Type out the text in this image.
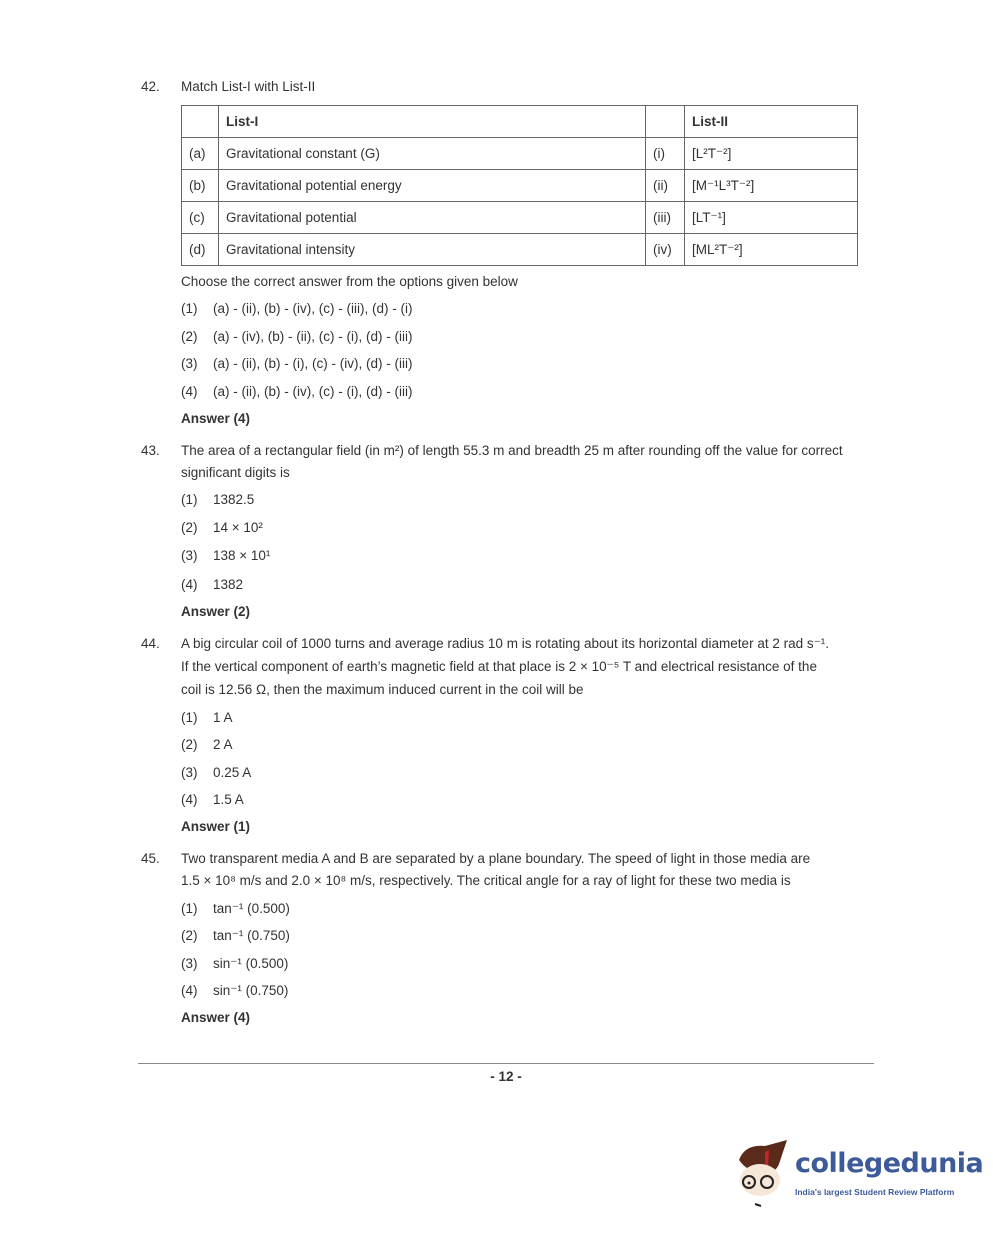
42. Match List-I with List-II
	List-I		List-II
(a)	Gravitational constant (G)	(i)	[L²T⁻²]
(b)	Gravitational potential energy	(ii)	[M⁻¹L³T⁻²]
(c)	Gravitational potential	(iii)	[LT⁻¹]
(d)	Gravitational intensity	(iv)	[ML²T⁻²]
Choose the correct answer from the options given below
(1) (a) - (ii), (b) - (iv), (c) - (iii), (d) - (i)
(2) (a) - (iv), (b) - (ii), (c) - (i), (d) - (iii)
(3) (a) - (ii), (b) - (i), (c) - (iv), (d) - (iii)
(4) (a) - (ii), (b) - (iv), (c) - (i), (d) - (iii)
Answer (4)
43. The area of a rectangular field (in m²) of length 55.3 m and breadth 25 m after rounding off the value for correct
significant digits is
(1) 1382.5
(2) 14 × 10²
(3) 138 × 10¹
(4) 1382
Answer (2)
44. A big circular coil of 1000 turns and average radius 10 m is rotating about its horizontal diameter at 2 rad s⁻¹.
If the vertical component of earth’s magnetic field at that place is 2 × 10⁻⁵ T and electrical resistance of the
coil is 12.56 Ω, then the maximum induced current in the coil will be
(1) 1 A
(2) 2 A
(3) 0.25 A
(4) 1.5 A
Answer (1)
45. Two transparent media A and B are separated by a plane boundary. The speed of light in those media are
1.5 × 10⁸ m/s and 2.0 × 10⁸ m/s, respectively. The critical angle for a ray of light for these two media is
(1) tan⁻¹ (0.500)
(2) tan⁻¹ (0.750)
(3) sin⁻¹ (0.500)
(4) sin⁻¹ (0.750)
Answer (4)
- 12 -
collegedunia
India's largest Student Review Platform
